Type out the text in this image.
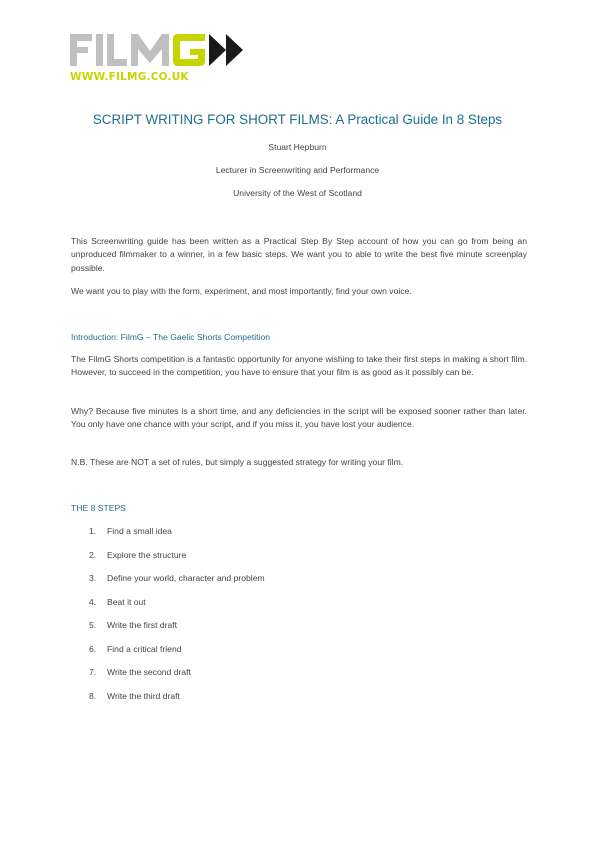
WWW.FILMG.CO.UK
SCRIPT WRITING FOR SHORT FILMS: A Practical Guide In 8 Steps
Stuart Hepburn
Lecturer in Screenwriting and Performance
University of the West of Scotland
This Screenwriting guide has been written as a Practical Step By Step account of how you can go from being an unproduced filmmaker to a winner, in a few basic steps. We want you to able to write the best five minute screenplay possible.
We want you to play with the form, experiment, and most importantly, find your own voice.
Introduction: FilmG – The Gaelic Shorts Competition
The FilmG Shorts competition is a fantastic opportunity for anyone wishing to take their first steps in making a short film. However, to succeed in the competition, you have to ensure that your film is as good as it possibly can be.
Why? Because five minutes is a short time, and any deficiencies in the script will be exposed sooner rather than later. You only have one chance with your script, and if you miss it, you have lost your audience.
N.B. These are NOT a set of rules, but simply a suggested strategy for writing your film.
THE 8 STEPS
1. Find a small idea
2. Explore the structure
3. Define your world, character and problem
4. Beat it out
5. Write the first draft
6. Find a critical friend
7. Write the second draft
8. Write the third draft
